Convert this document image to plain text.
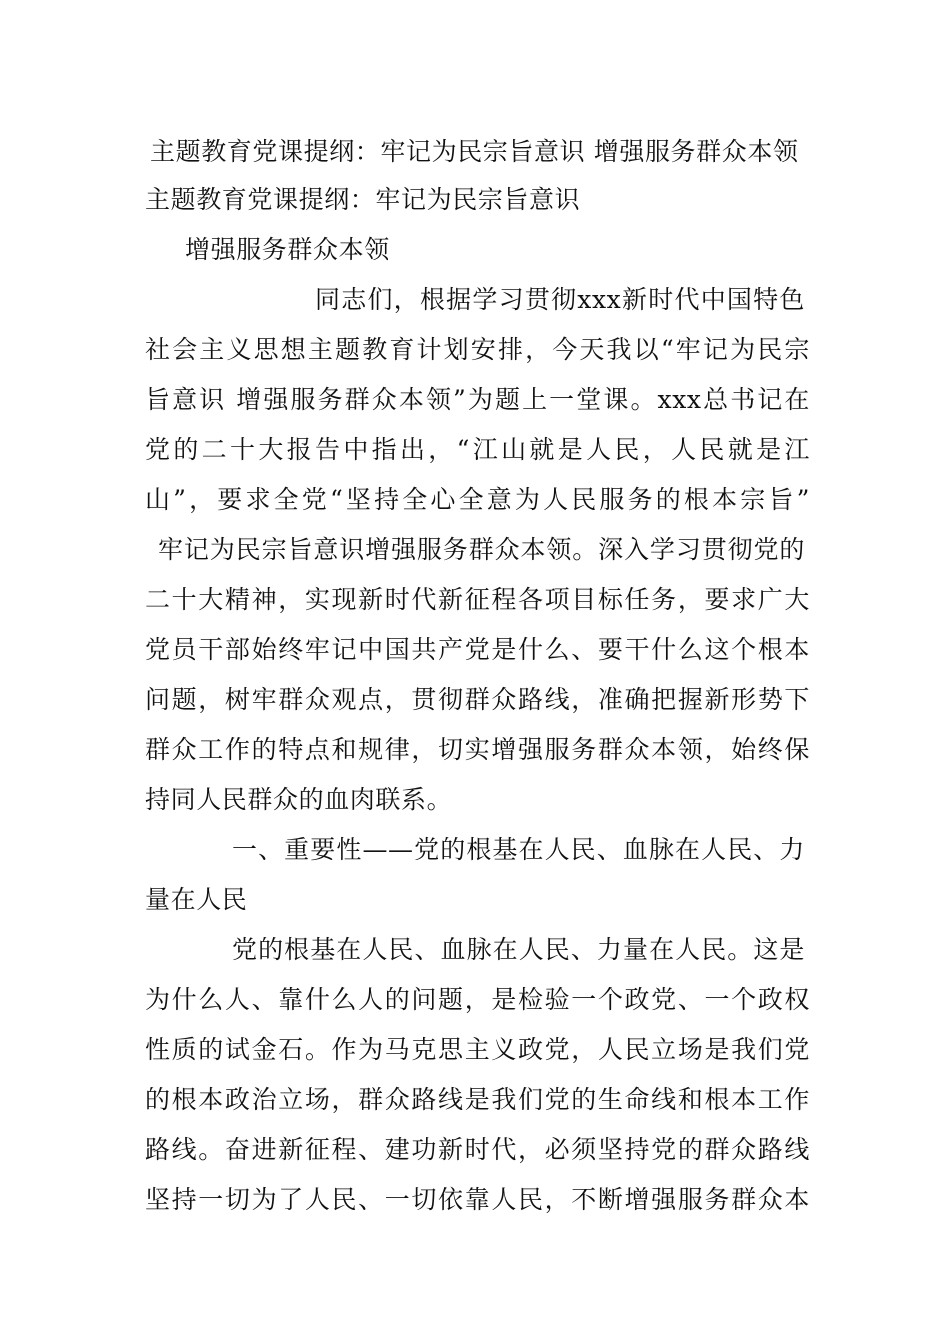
主题教育党课提纲：牢记为民宗旨意识 增强服务群众本领
主题教育党课提纲：牢记为民宗旨意识
增强服务群众本领
同志们，根据学习贯彻xxx新时代中国特色
社会主义思想主题教育计划安排，今天我以“牢记为民宗
旨意识 增强服务群众本领”为题上一堂课。xxx总书记在
党的二十大报告中指出，“江山就是人民，人民就是江
山”，要求全党“坚持全心全意为人民服务的根本宗旨”
牢记为民宗旨意识增强服务群众本领。深入学习贯彻党的
二十大精神，实现新时代新征程各项目标任务，要求广大
党员干部始终牢记中国共产党是什么、要干什么这个根本
问题，树牢群众观点，贯彻群众路线，准确把握新形势下
群众工作的特点和规律，切实增强服务群众本领，始终保
持同人民群众的血肉联系。
一、重要性——党的根基在人民、血脉在人民、力
量在人民
党的根基在人民、血脉在人民、力量在人民。这是
为什么人、靠什么人的问题，是检验一个政党、一个政权
性质的试金石。作为马克思主义政党，人民立场是我们党
的根本政治立场，群众路线是我们党的生命线和根本工作
路线。奋进新征程、建功新时代，必须坚持党的群众路线
坚持一切为了人民、一切依靠人民，不断增强服务群众本
